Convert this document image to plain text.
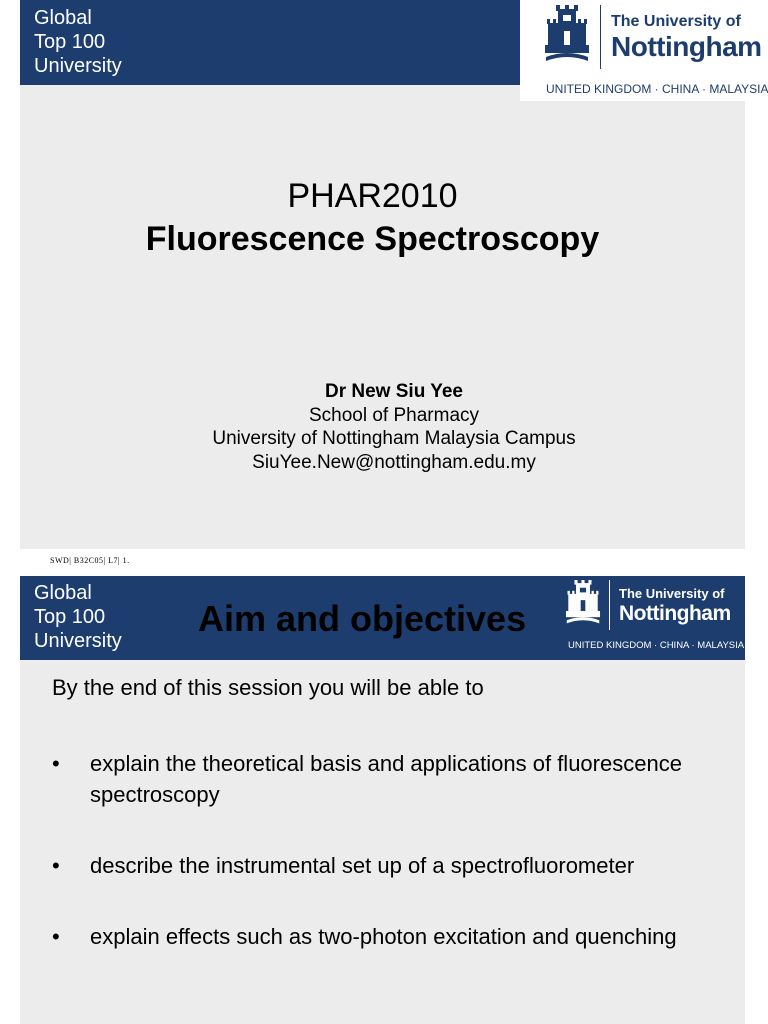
Global
Top 100
University
PHAR2010
Fluorescence Spectroscopy
Dr New Siu Yee
School of Pharmacy
University of Nottingham Malaysia Campus
SiuYee.New@nottingham.edu.my
The University of
Nottingham
UNITED KINGDOM · CHINA · MALAYSIA
SWD| B32C05| L7| 1.
Global
Top 100
University
Aim and objectives
By the end of this session you will be able to
• explain the theoretical basis and applications of fluorescence spectroscopy
• describe the instrumental set up of a spectrofluorometer
• explain effects such as two-photon excitation and quenching
The University of
Nottingham
UNITED KINGDOM · CHINA · MALAYSIA
